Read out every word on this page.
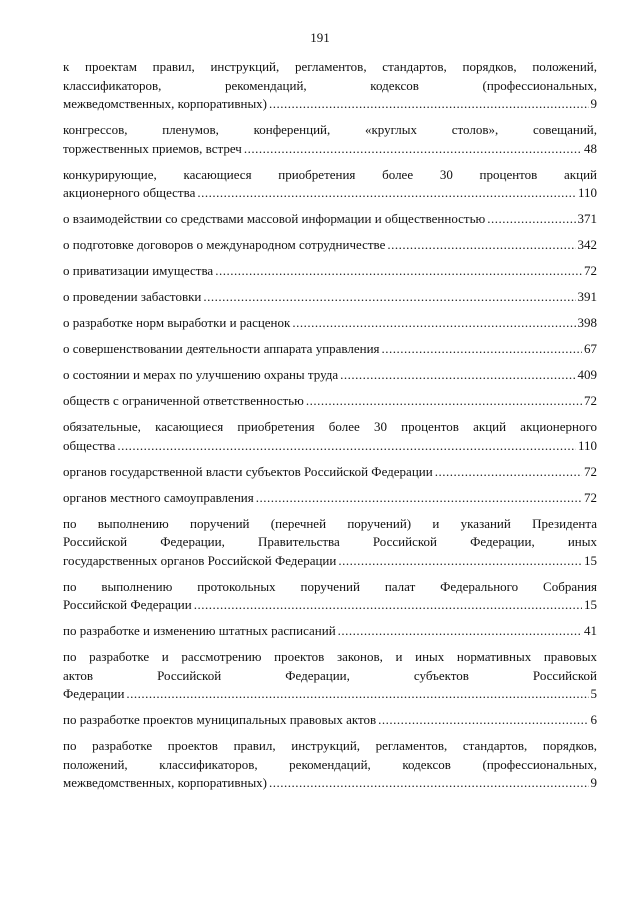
191
к проектам правил, инструкций, регламентов, стандартов, порядков, положений,
классификаторов, рекомендаций, кодексов (профессиональных,
межведомственных, корпоративных) .....	9
конгрессов, пленумов, конференций, «круглых столов», совещаний,
торжественных приемов, встреч .....	48
конкурирующие, касающиеся приобретения более 30 процентов акций
акционерного общества .....	110
о взаимодействии со средствами массовой информации и общественностью .....	371
о подготовке договоров о международном сотрудничестве .....	342
о приватизации имущества .....	72
о проведении забастовки .....	391
о разработке норм выработки и расценок .....	398
о совершенствовании деятельности аппарата управления .....	67
о состоянии и мерах по улучшению охраны труда .....	409
обществ с ограниченной ответственностью .....	72
обязательные, касающиеся приобретения более 30 процентов акций акционерного
общества .....	110
органов государственной власти субъектов Российской Федерации .....	72
органов местного самоуправления .....	72
по выполнению поручений (перечней поручений) и указаний Президента
Российской Федерации, Правительства Российской Федерации, иных
государственных органов Российской Федерации .....	15
по выполнению протокольных поручений палат Федерального Собрания
Российской Федерации .....	15
по разработке и изменению штатных расписаний .....	41
по разработке и рассмотрению проектов законов, и иных нормативных правовых
актов Российской Федерации, субъектов Российской
Федерации .....	5
по разработке проектов муниципальных правовых актов .....	6
по разработке проектов правил, инструкций, регламентов, стандартов, порядков,
положений, классификаторов, рекомендаций, кодексов (профессиональных,
межведомственных, корпоративных) .....	9
